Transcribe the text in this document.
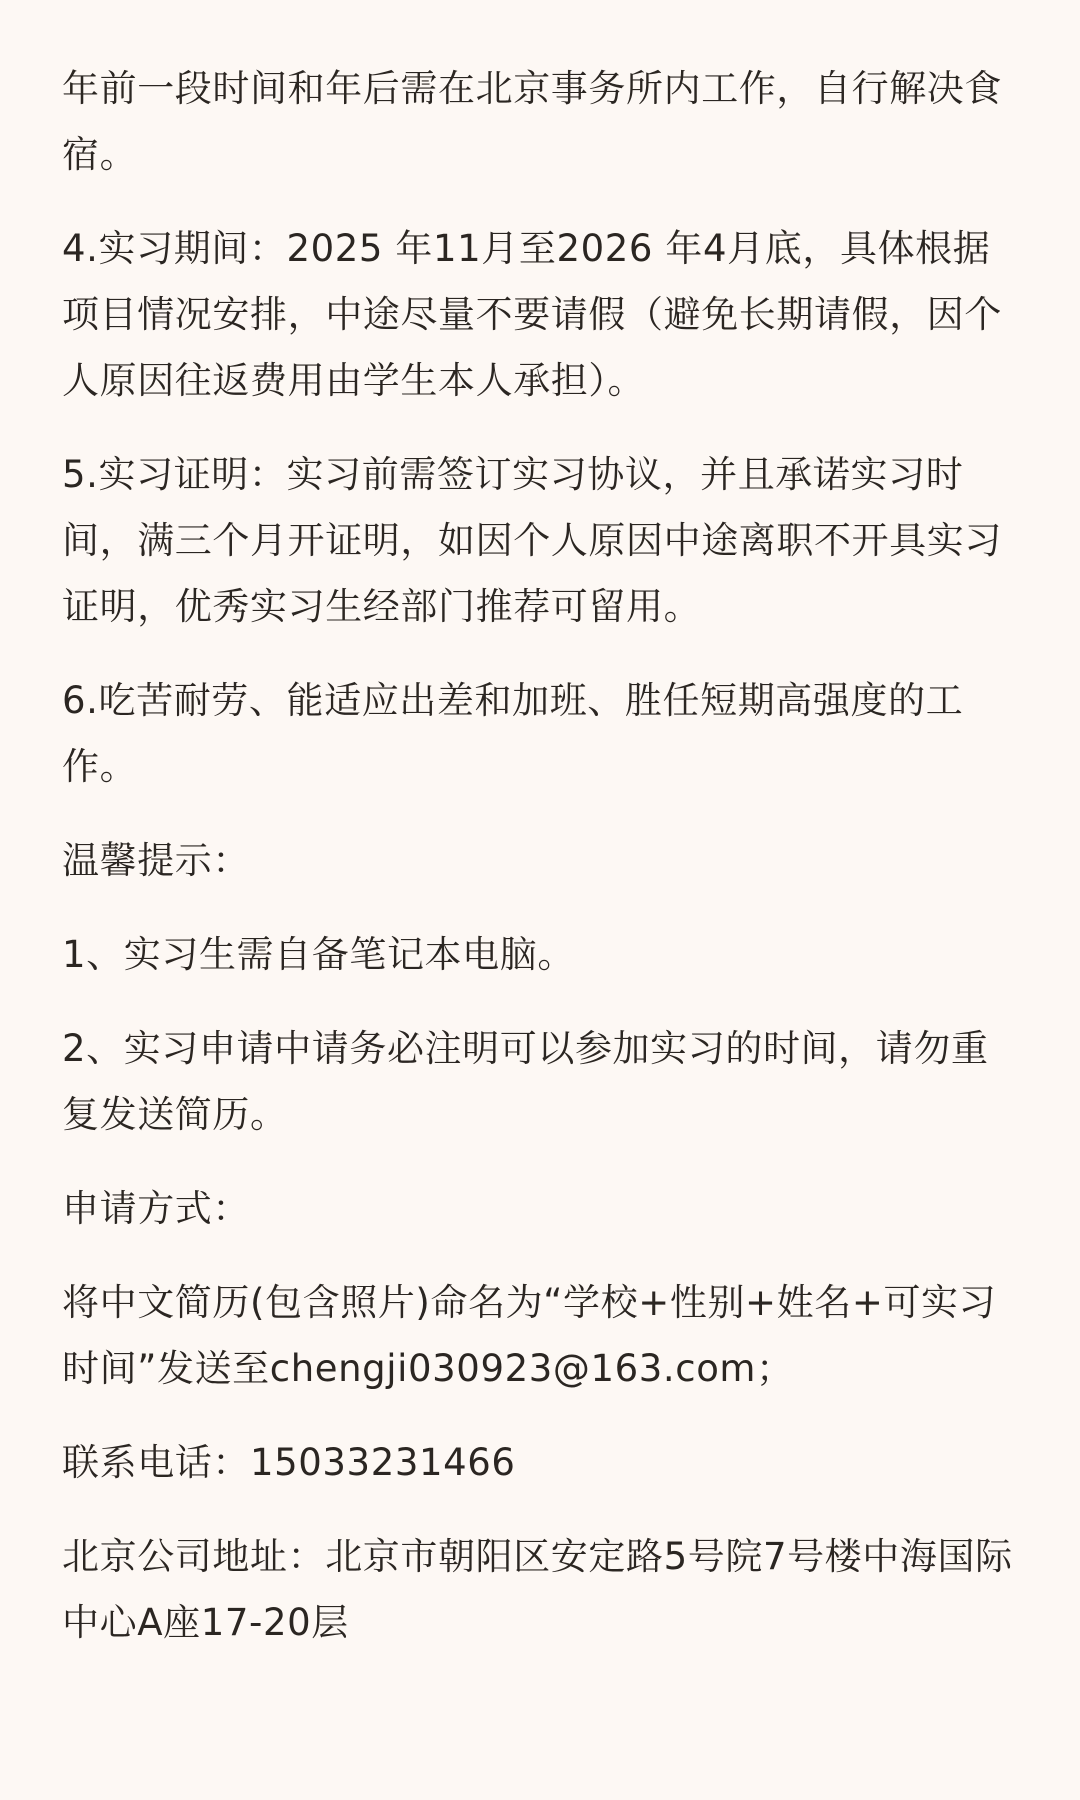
年前一段时间和年后需在北京事务所内工作，自行解决食宿。

4.实习期间：2025 年11月至2026 年4月底，具体根据项目情况安排，中途尽量不要请假（避免长期请假，因个人原因往返费用由学生本人承担）。

5.实习证明：实习前需签订实习协议，并且承诺实习时间，满三个月开证明，如因个人原因中途离职不开具实习证明，优秀实习生经部门推荐可留用。

6.吃苦耐劳、能适应出差和加班、胜任短期高强度的工作。

温馨提示：

1、实习生需自备笔记本电脑。

2、实习申请中请务必注明可以参加实习的时间，请勿重复发送简历。

申请方式：

将中文简历(包含照片)命名为“学校+性别+姓名+可实习时间”发送至chengji030923@163.com；

联系电话：15033231466

北京公司地址：北京市朝阳区安定路5号院7号楼中海国际中心A座17-20层
